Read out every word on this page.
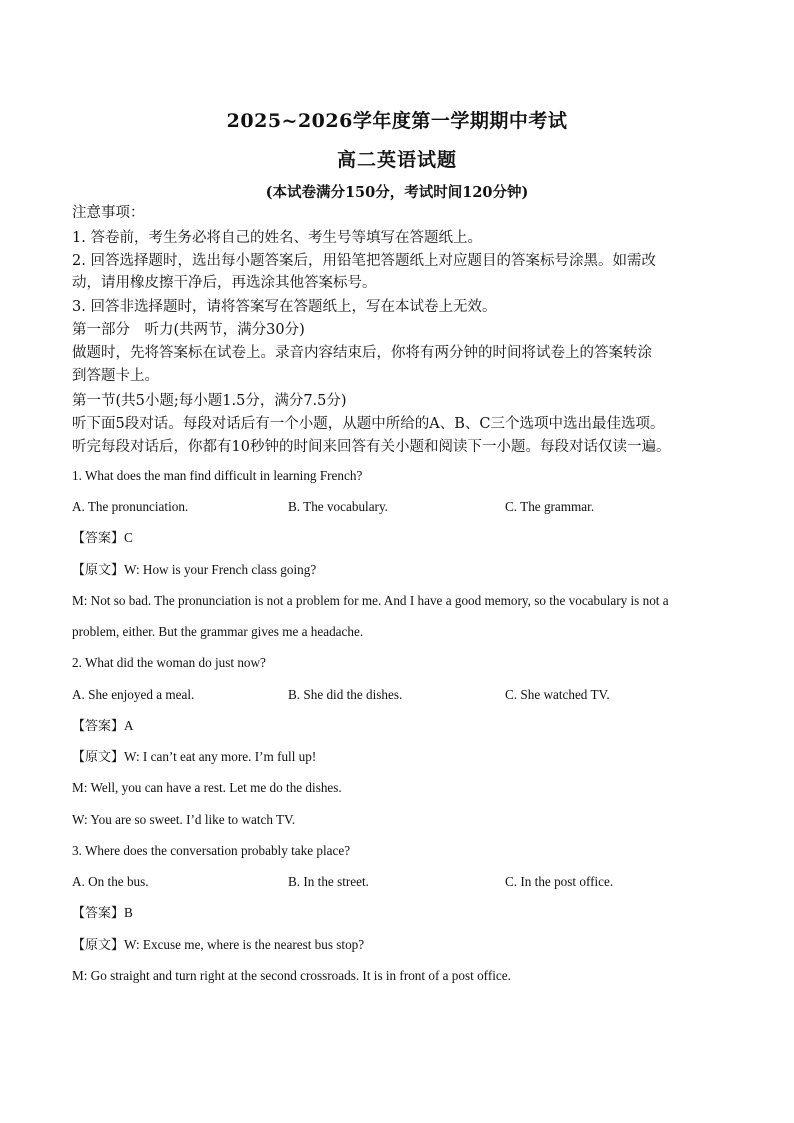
2025~2026学年度第一学期期中考试
高二英语试题
(本试卷满分150分，考试时间120分钟)
注意事项：
1. 答卷前，考生务必将自己的姓名、考生号等填写在答题纸上。
2. 回答选择题时，选出每小题答案后，用铅笔把答题纸上对应题目的答案标号涂黑。如需改
动，请用橡皮擦干净后，再选涂其他答案标号。
3. 回答非选择题时，请将答案写在答题纸上，写在本试卷上无效。
第一部分　听力(共两节，满分30分)
做题时，先将答案标在试卷上。录音内容结束后，你将有两分钟的时间将试卷上的答案转涂
到答题卡上。
第一节(共5小题;每小题1.5分，满分7.5分)
听下面5段对话。每段对话后有一个小题，从题中所给的A、B、C三个选项中选出最佳选项。
听完每段对话后，你都有10秒钟的时间来回答有关小题和阅读下一小题。每段对话仅读一遍。
1. What does the man find difficult in learning French?
A. The pronunciation.	B. The vocabulary.	C. The grammar.
【答案】C
【原文】W: How is your French class going?
M: Not so bad. The pronunciation is not a problem for me. And I have a good memory, so the vocabulary is not a
problem, either. But the grammar gives me a headache.
2. What did the woman do just now?
A. She enjoyed a meal.	B. She did the dishes.	C. She watched TV.
【答案】A
【原文】W: I can’t eat any more. I’m full up!
M: Well, you can have a rest. Let me do the dishes.
W: You are so sweet. I’d like to watch TV.
3. Where does the conversation probably take place?
A. On the bus.	B. In the street.	C. In the post office.
【答案】B
【原文】W: Excuse me, where is the nearest bus stop?
M: Go straight and turn right at the second crossroads. It is in front of a post office.
